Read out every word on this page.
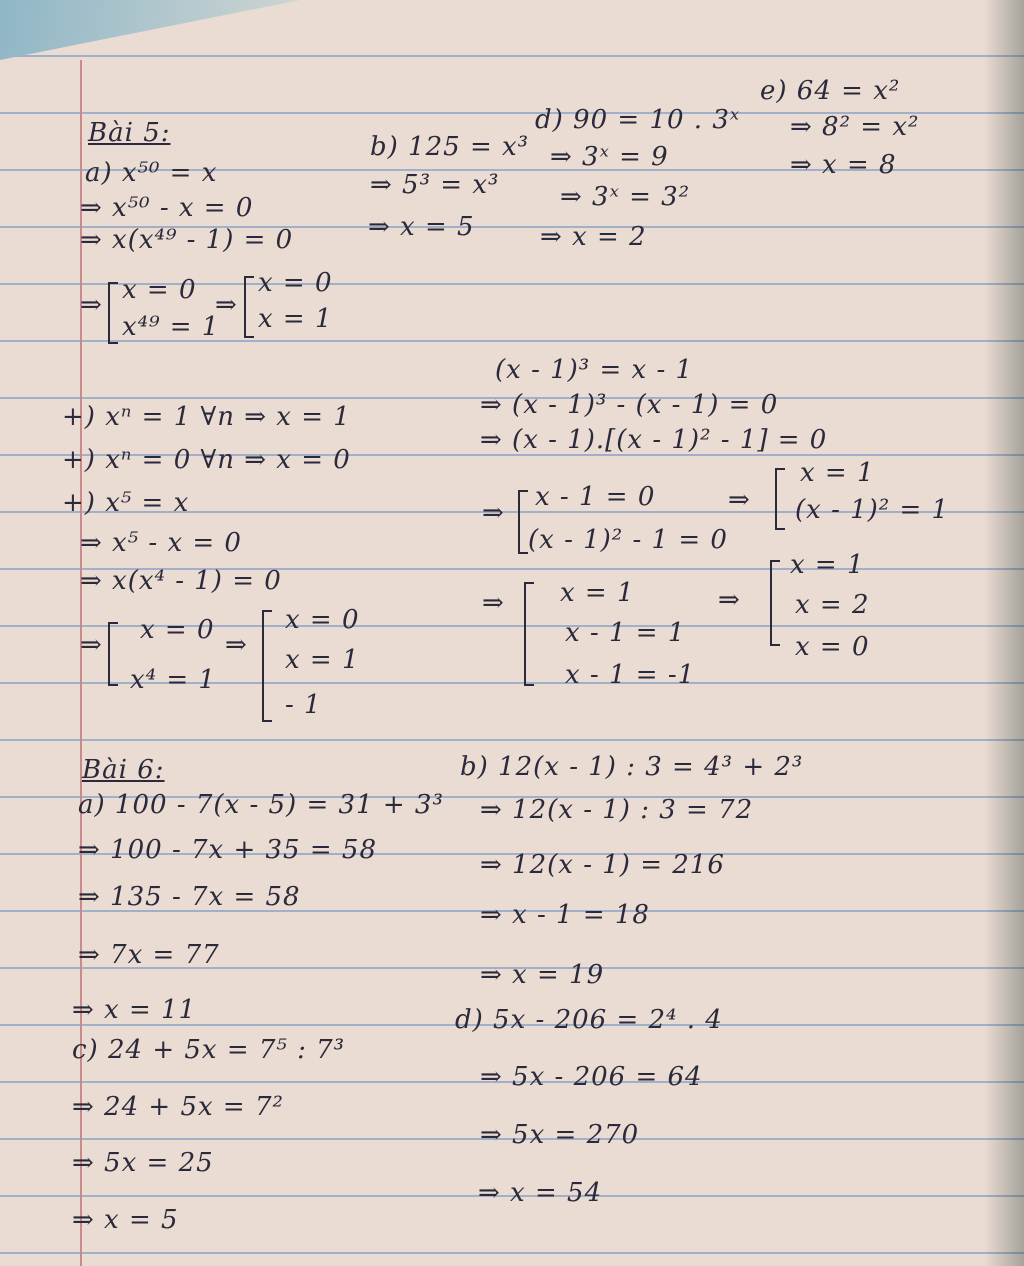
Bài 5:
a) x⁵⁰ = x
⇒ x⁵⁰ - x = 0
⇒ x(x⁴⁹ - 1) = 0
⇒ x = 0
x⁴⁹ = 1
⇒
x = 0
x = 1
b) 125 = x³
⇒ 5³ = x³
⇒ x = 5
d) 90 = 10 . 3ˣ
⇒ 3ˣ = 9
⇒ 3ˣ = 3²
⇒ x = 2
e) 64 = x²
⇒ 8² = x²
⇒ x = 8
+) xⁿ = 1 ∀n ⇒ x = 1
+) xⁿ = 0 ∀n ⇒ x = 0
+) x⁵ = x
⇒ x⁵ - x = 0
⇒ x(x⁴ - 1) = 0
⇒ x = 0
x⁴ = 1
⇒
x = 0
x = 1
- 1
(x - 1)³ = x - 1
⇒ (x - 1)³ - (x - 1) = 0
⇒ (x - 1).[(x - 1)² - 1] = 0
⇒
x - 1 = 0
(x - 1)² - 1 = 0
⇒
x = 1
(x - 1)² = 1
⇒ x = 1
x - 1 = 1
x - 1 = -1
⇒
x = 1
x = 2
x = 0
Bài 6:
a) 100 - 7(x - 5) = 31 + 3³
⇒ 100 - 7x + 35 = 58
⇒ 135 - 7x = 58
⇒ 7x = 77
⇒ x = 11
c) 24 + 5x = 7⁵ : 7³
⇒ 24 + 5x = 7²
⇒ 5x = 25
⇒ x = 5
b) 12(x - 1) : 3 = 4³ + 2³
⇒ 12(x - 1) : 3 = 72
⇒ 12(x - 1) = 216
⇒ x - 1 = 18
⇒ x = 19
d) 5x - 206 = 2⁴ . 4
⇒ 5x - 206 = 64
⇒ 5x = 270
⇒ x = 54
